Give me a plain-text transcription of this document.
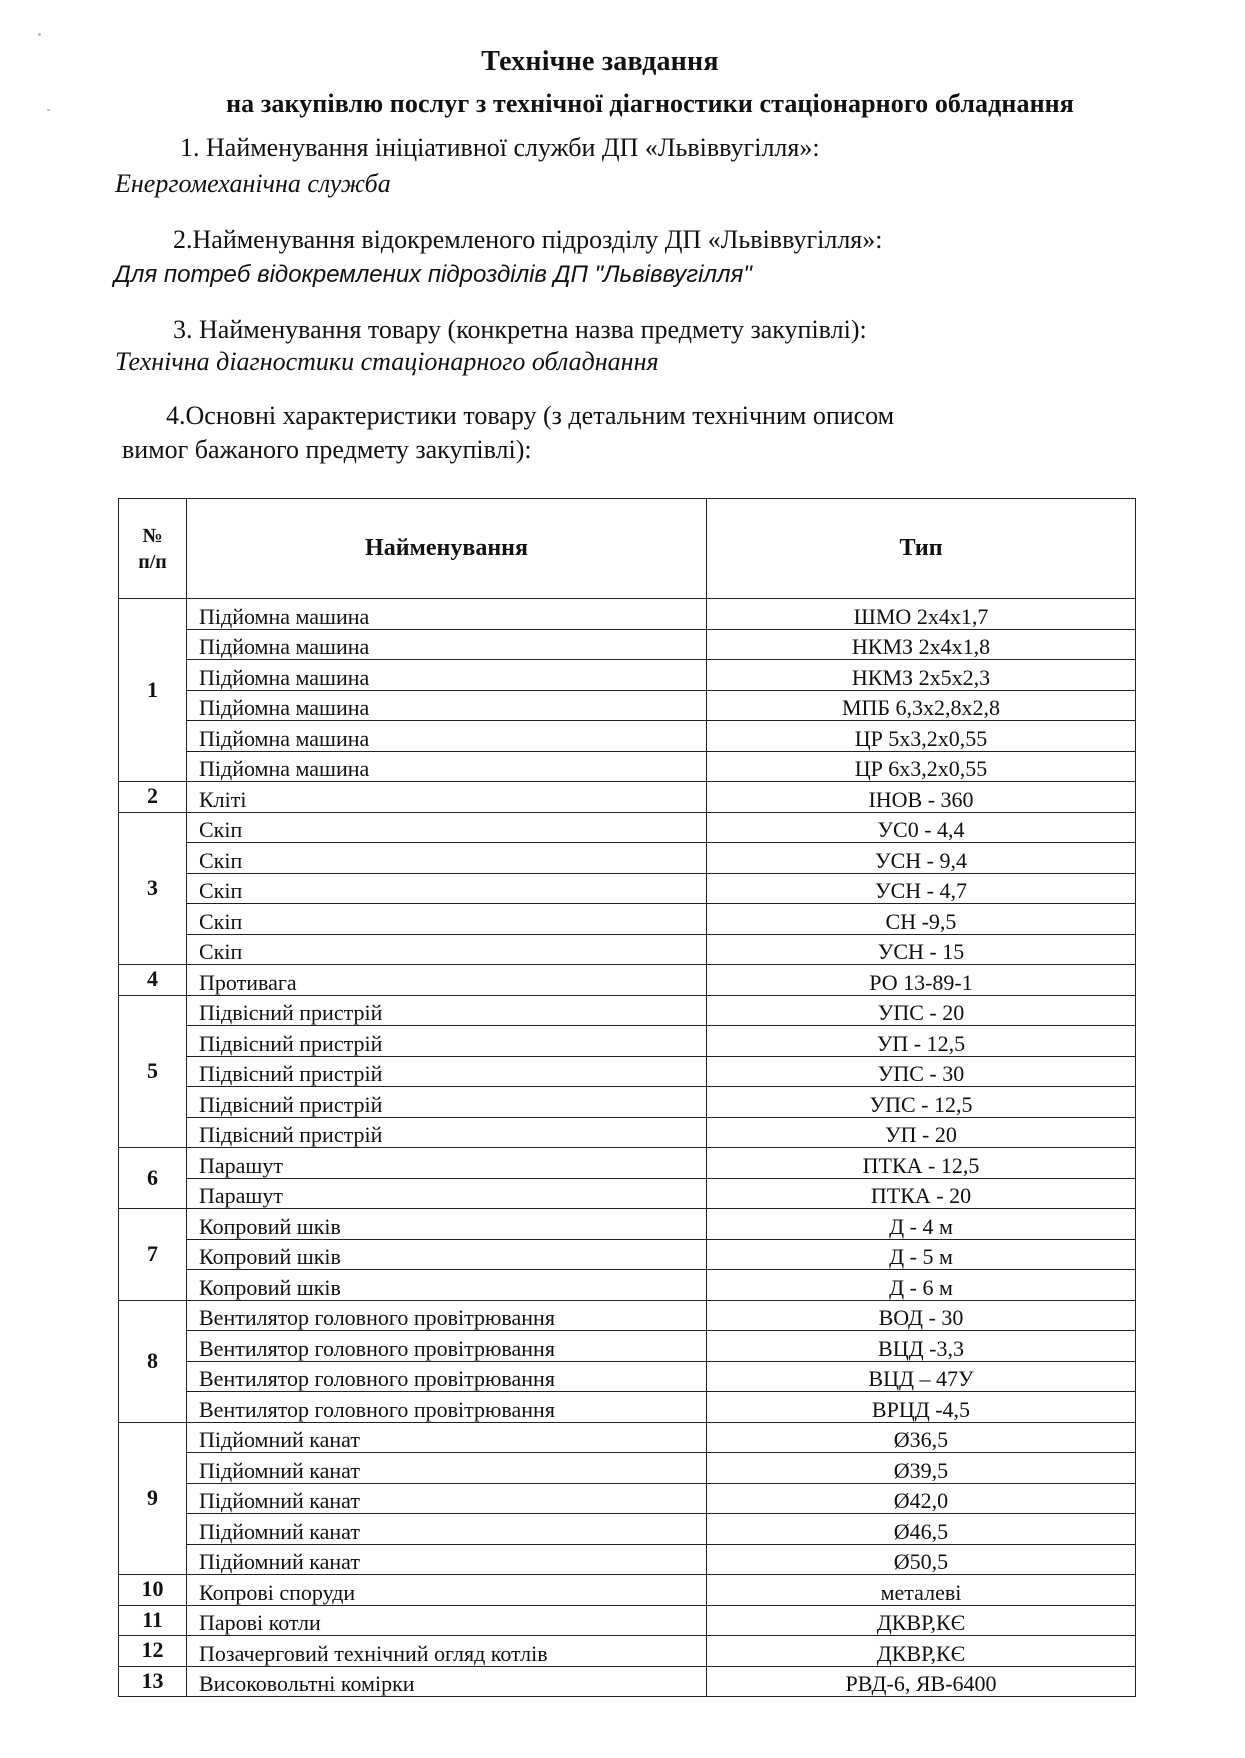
Технічне завдання
на закупівлю послуг з технічної діагностики стаціонарного обладнання
1. Найменування ініціативної служби ДП «Львіввугілля»:
Енергомеханічна служба
2.Найменування відокремленого підрозділу ДП «Львіввугілля»:
Для потреб відокремлених підрозділів ДП "Львіввугілля"
3. Найменування товару (конкретна назва предмету закупівлі):
Технічна діагностики стаціонарного обладнання
4.Основні характеристики товару (з детальним технічним описом
вимог бажаного предмету закупівлі):
№
п/п	Найменування	Тип
1	Підйомна машина	ШМО 2х4х1,7
	Підйомна машина	НКМЗ 2х4х1,8
	Підйомна машина	НКМЗ 2х5х2,3
	Підйомна машина	МПБ 6,3х2,8х2,8
	Підйомна машина	ЦР 5х3,2х0,55
	Підйомна машина	ЦР 6х3,2х0,55
2	Кліті	ІНОВ - 360
3	Скіп	УС0 - 4,4
	Скіп	УСН - 9,4
	Скіп	УСН - 4,7
	Скіп	СН -9,5
	Скіп	УСН - 15
4	Противага	РО 13-89-1
5	Підвісний пристрій	УПС - 20
	Підвісний пристрій	УП - 12,5
	Підвісний пристрій	УПС - 30
	Підвісний пристрій	УПС - 12,5
	Підвісний пристрій	УП - 20
6	Парашут	ПТКА - 12,5
	Парашут	ПТКА - 20
7	Копровий шків	Д - 4 м
	Копровий шків	Д - 5 м
	Копровий шків	Д - 6 м
8	Вентилятор головного провітрювання	ВОД - 30
	Вентилятор головного провітрювання	ВЦД -3,3
	Вентилятор головного провітрювання	ВЦД – 47У
	Вентилятор головного провітрювання	ВРЦД -4,5
9	Підйомний канат	Ø36,5
	Підйомний канат	Ø39,5
	Підйомний канат	Ø42,0
	Підйомний канат	Ø46,5
	Підйомний канат	Ø50,5
10	Копрові споруди	металеві
11	Парові котли	ДКВР,КЄ
12	Позачерговий технічний огляд котлів	ДКВР,КЄ
13	Високовольтні комірки	РВД-6, ЯВ-6400
